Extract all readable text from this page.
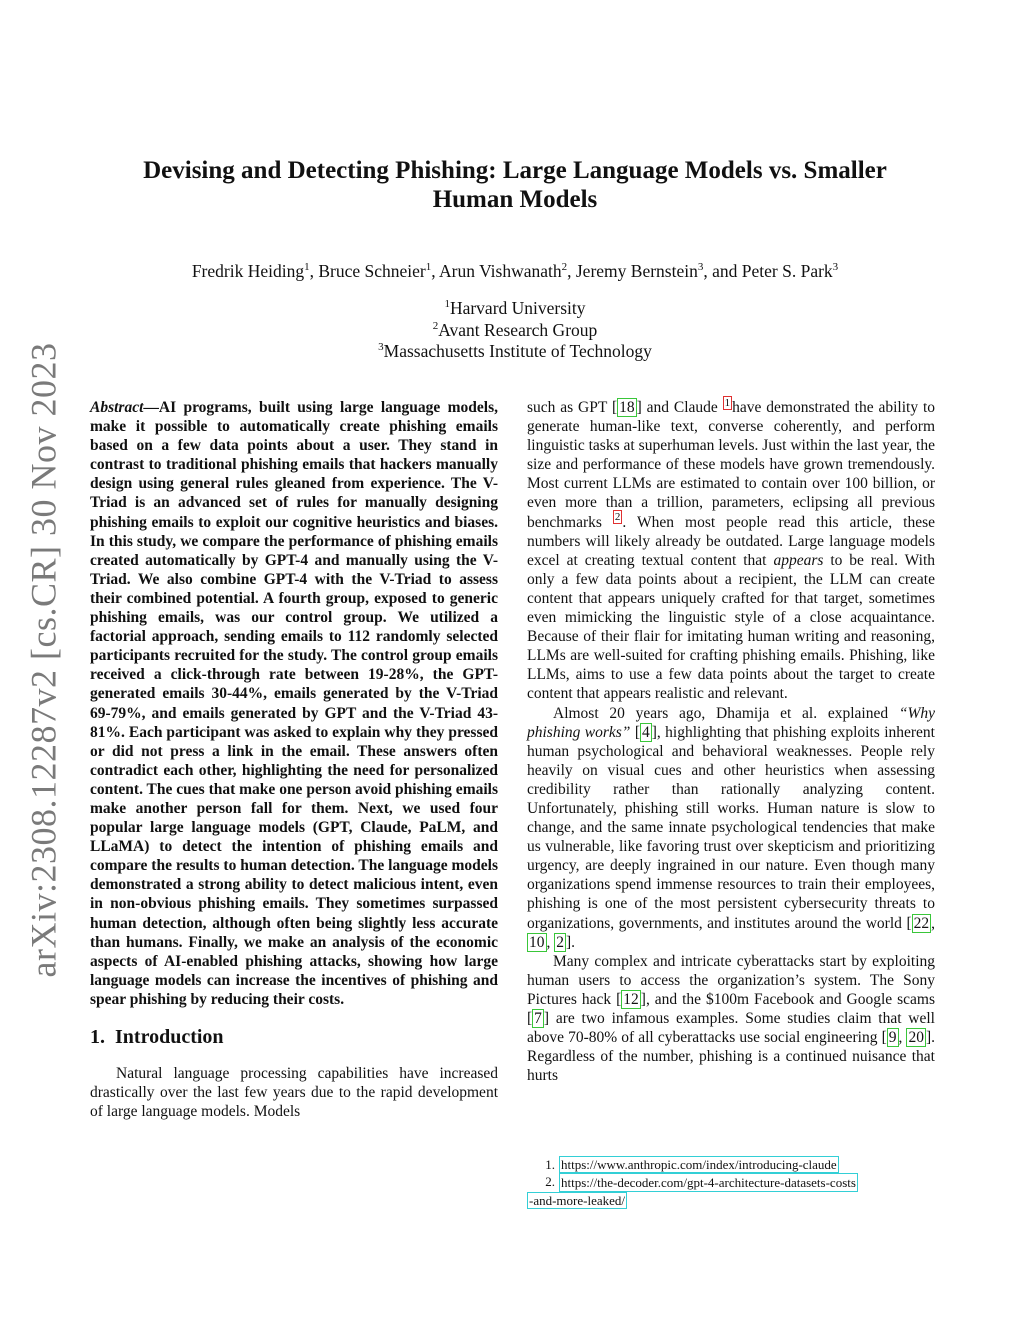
arXiv:2308.12287v2 [cs.CR] 30 Nov 2023
Devising and Detecting Phishing: Large Language Models vs. Smaller
Human Models
Fredrik Heiding$^1$, Bruce Schneier$^1$, Arun Vishwanath$^2$, Jeremy Bernstein$^3$, and Peter S. Park$^3$
$^1$Harvard University
$^2$Avant Research Group
$^3$Massachusetts Institute of Technology

Abstract—AI programs, built using large language models, make it possible to automatically create phishing emails based on a few data points about a user. They stand in contrast to traditional phishing emails that hackers manually design using general rules gleaned from experience. The V-Triad is an advanced set of rules for manually designing phishing emails to exploit our cognitive heuristics and biases. In this study, we compare the performance of phishing emails created automatically by GPT-4 and manually using the V-Triad. We also combine GPT-4 with the V-Triad to assess their combined potential. A fourth group, exposed to generic phishing emails, was our control group. We utilized a factorial approach, sending emails to 112 randomly selected participants recruited for the study. The control group emails received a click-through rate between 19-28%, the GPT-generated emails 30-44%, emails generated by the V-Triad 69-79%, and emails generated by GPT and the V-Triad 43-81%. Each participant was asked to explain why they pressed or did not press a link in the email. These answers often contradict each other, highlighting the need for personalized content. The cues that make one person avoid phishing emails make another person fall for them. Next, we used four popular large language models (GPT, Claude, PaLM, and LLaMA) to detect the intention of phishing emails and compare the results to human detection. The language models demonstrated a strong ability to detect malicious intent, even in non-obvious phishing emails. They sometimes surpassed human detection, although often being slightly less accurate than humans. Finally, we make an analysis of the economic aspects of AI-enabled phishing attacks, showing how large language models can increase the incentives of phishing and spear phishing by reducing their costs.

1. Introduction

Natural language processing capabilities have increased drastically over the last few years due to the rapid development of large language models. Models

such as GPT [ 18 ] and Claude $^1$ have demonstrated the ability to generate human-like text, converse coherently, and perform linguistic tasks at superhuman levels. Just within the last year, the size and performance of these models have grown tremendously. Most current LLMs are estimated to contain over 100 billion, or even more than a trillion, parameters, eclipsing all previous benchmarks $^2$ . When most people read this article, these numbers will likely already be outdated. Large language models excel at creating textual content that appears to be real. With only a few data points about a recipient, the LLM can create content that appears uniquely crafted for that target, sometimes even mimicking the linguistic style of a close acquaintance. Because of their flair for imitating human writing and reasoning, LLMs are well-suited for crafting phishing emails. Phishing, like LLMs, aims to use a few data points about the target to create content that appears realistic and relevant.

Almost 20 years ago, Dhamija et al. explained “Why phishing works” [ 4 ], highlighting that phishing exploits inherent human psychological and behavioral weaknesses. People rely heavily on visual cues and other heuristics when assessing credibility rather than rationally analyzing content. Unfortunately, phishing still works. Human nature is slow to change, and the same innate psychological tendencies that make us vulnerable, like favoring trust over skepticism and prioritizing urgency, are deeply ingrained in our nature. Even though many organizations spend immense resources to train their employees, phishing is one of the most persistent cybersecurity threats to organizations, governments, and institutes around the world [ 22 , 10 , 2 ].

Many complex and intricate cyberattacks start by exploiting human users to access the organization’s system. The Sony Pictures hack [ 12 ], and the $100m Facebook and Google scams [ 7 ] are two infamous examples. Some studies claim that well above 70-80% of all cyberattacks use social engineering [ 9 , 20 ]. Regardless of the number, phishing is a continued nuisance that hurts

1. https://www.anthropic.com/index/introducing-claude
2. https://the-decoder.com/gpt-4-architecture-datasets-costs
-and-more-leaked/
